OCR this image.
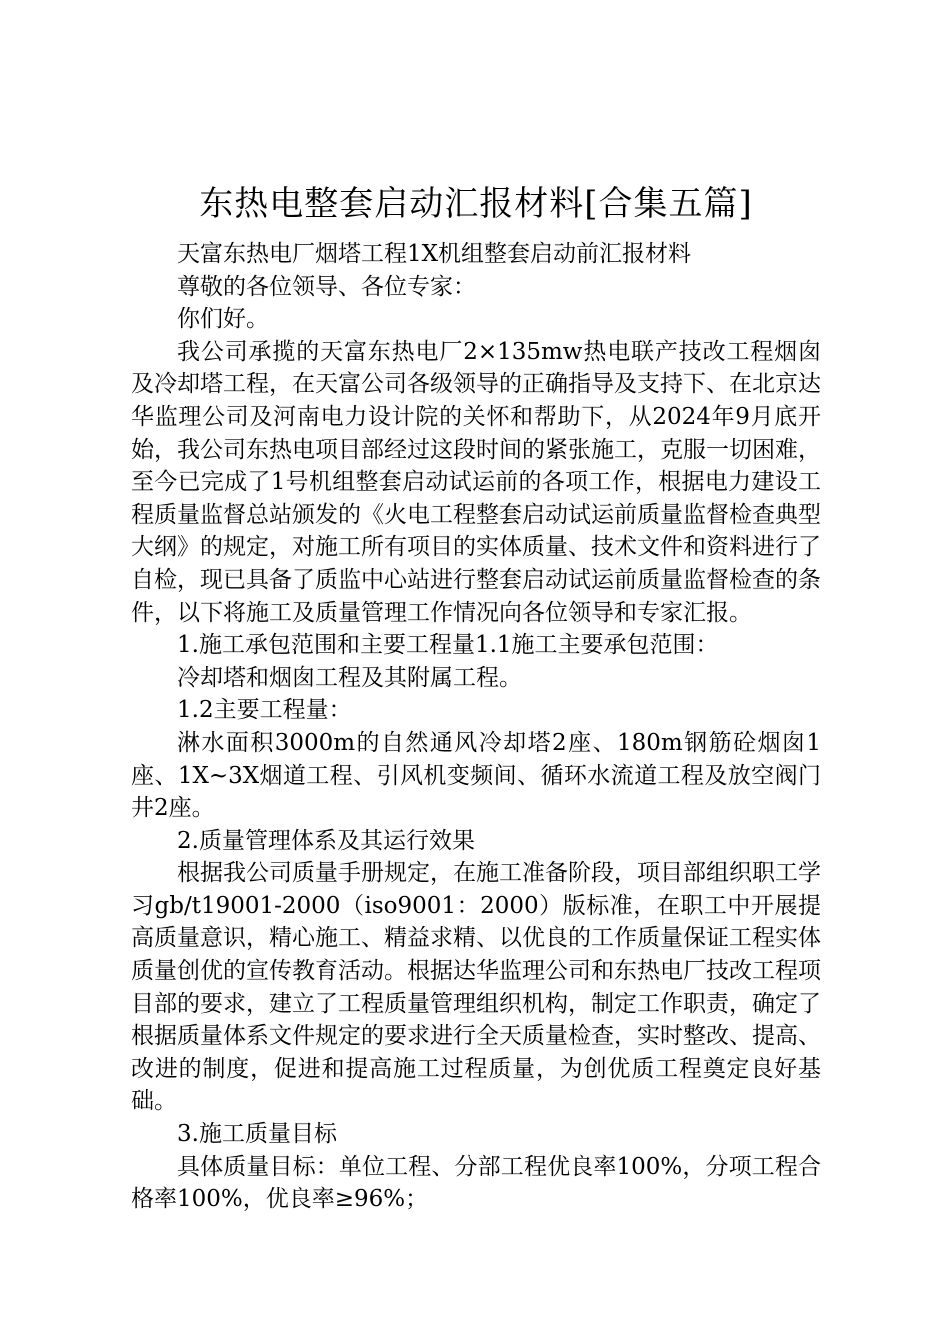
东热电整套启动汇报材料[合集五篇]

天富东热电厂烟塔工程1X机组整套启动前汇报材料

尊敬的各位领导、各位专家：

你们好。

我公司承揽的天富东热电厂2×135mw热电联产技改工程烟囱及冷却塔工程，在天富公司各级领导的正确指导及支持下、在北京达华监理公司及河南电力设计院的关怀和帮助下，从2024年9月底开始，我公司东热电项目部经过这段时间的紧张施工，克服一切困难，至今已完成了1号机组整套启动试运前的各项工作，根据电力建设工程质量监督总站颁发的《火电工程整套启动试运前质量监督检查典型大纲》的规定，对施工所有项目的实体质量、技术文件和资料进行了自检，现已具备了质监中心站进行整套启动试运前质量监督检查的条件，以下将施工及质量管理工作情况向各位领导和专家汇报。

1.施工承包范围和主要工程量1.1施工主要承包范围：

冷却塔和烟囱工程及其附属工程。

1.2主要工程量：

淋水面积3000m的自然通风冷却塔2座、180m钢筋砼烟囱1座、1X~3X烟道工程、引风机变频间、循环水流道工程及放空阀门井2座。

2.质量管理体系及其运行效果

根据我公司质量手册规定，在施工准备阶段，项目部组织职工学习gb/t19001-2000（iso9001：2000）版标准，在职工中开展提高质量意识，精心施工、精益求精、以优良的工作质量保证工程实体质量创优的宣传教育活动。根据达华监理公司和东热电厂技改工程项目部的要求，建立了工程质量管理组织机构，制定工作职责，确定了根据质量体系文件规定的要求进行全天质量检查，实时整改、提高、改进的制度，促进和提高施工过程质量，为创优质工程奠定良好基础。

3.施工质量目标

具体质量目标：单位工程、分部工程优良率100%，分项工程合格率100%，优良率≥96%；
